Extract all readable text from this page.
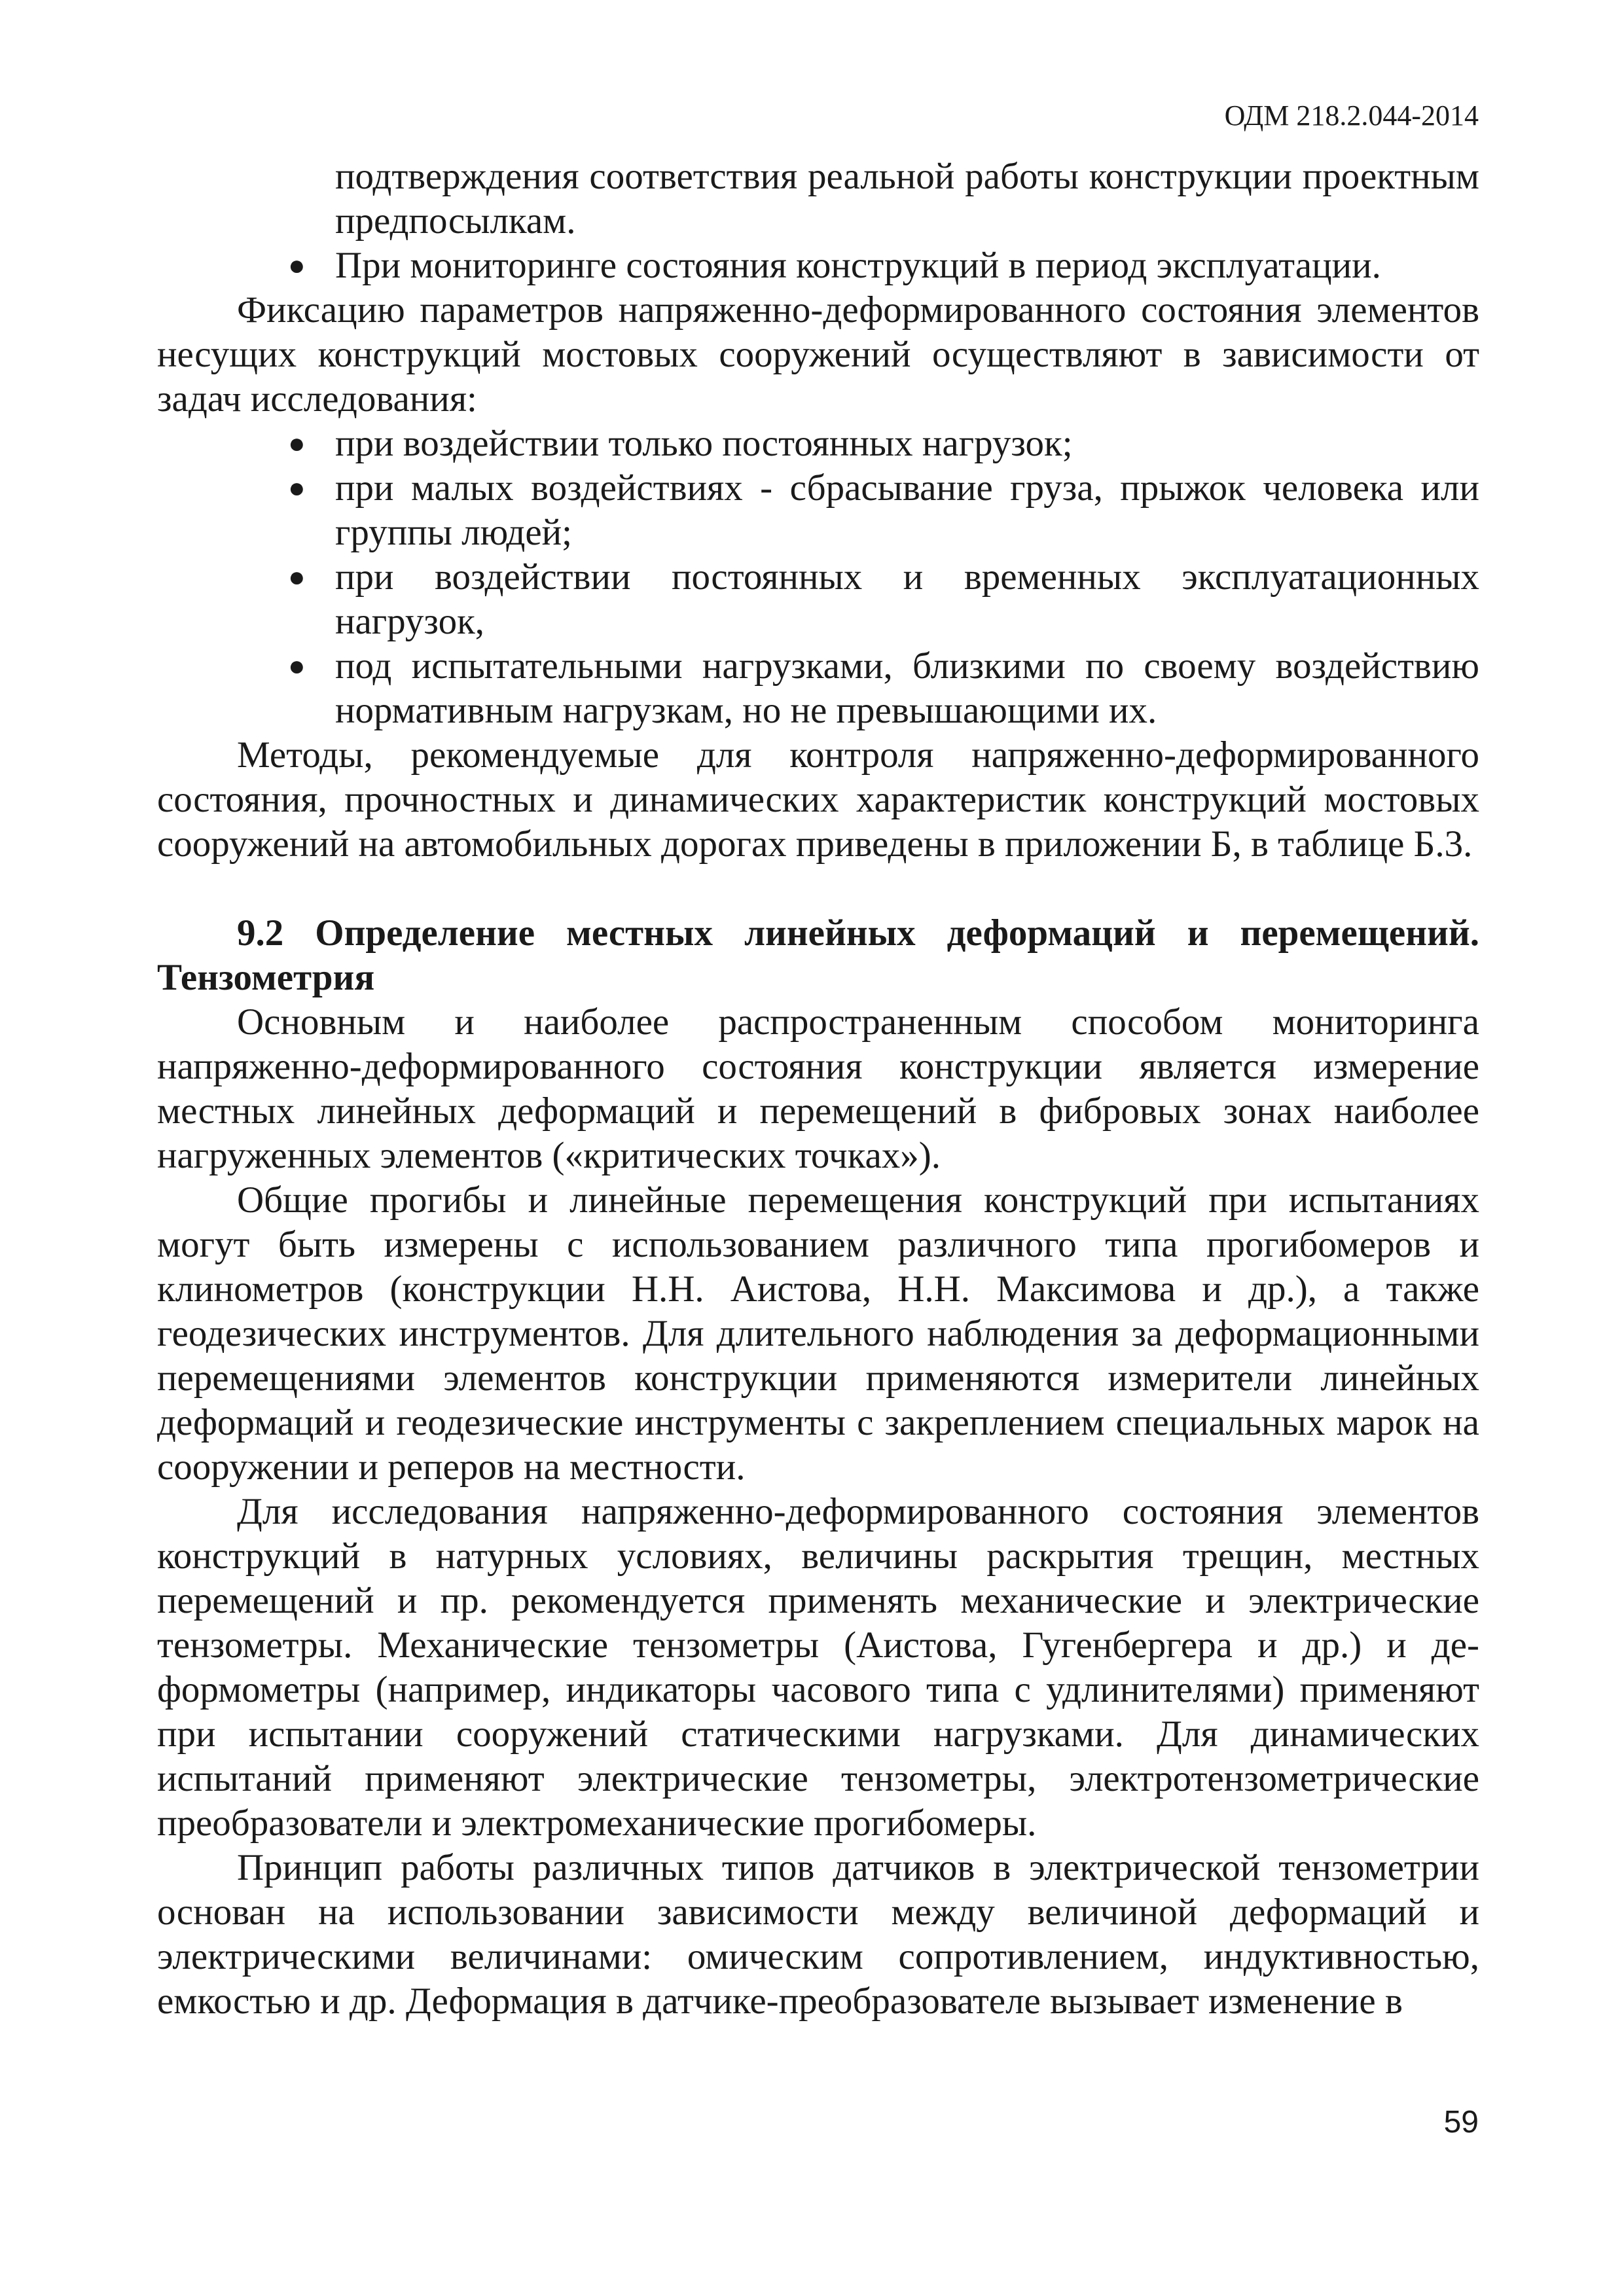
ОДМ 218.2.044-2014

подтверждения соответствия реальной работы конструкции проектным предпосылкам.

● При мониторинге состояния конструкций в период эксплуатации.

Фиксацию параметров напряженно-деформированного состояния элементов несущих конструкций мостовых сооружений осуществляют в зависимости от задач исследования:

● при воздействии только постоянных нагрузок;
● при малых воздействиях - сбрасывание груза, прыжок человека или группы людей;
● при воздействии постоянных и временных эксплуатационных нагрузок,
● под испытательными нагрузками, близкими по своему воздействию нормативным нагрузкам, но не превышающими их.

Методы, рекомендуемые для контроля напряженно-деформированного состояния, прочностных и динамических характеристик конструкций мостовых сооружений на автомобильных дорогах приведены в приложении Б, в таблице Б.3.

9.2 Определение местных линейных деформаций и перемещений. Тензометрия

Основным и наиболее распространенным способом мониторинга напряженно-деформированного состояния конструкции является измерение местных линейных деформаций и перемещений в фибровых зонах наиболее нагруженных элементов («критических точках»).

Общие прогибы и линейные перемещения конструкций при испытаниях могут быть измерены с использованием различного типа прогибомеров и клинометров (конструкции Н.Н. Аистова, Н.Н. Максимова и др.), а также геодезических инструментов. Для длительного наблюдения за деформационными перемещениями элементов конструкции применяются измерители линейных деформаций и геодезические инструменты с закреплением специальных марок на сооружении и реперов на местности.

Для исследования напряженно-деформированного состояния элементов конструкций в натурных условиях, величины раскрытия трещин, местных перемещений и пр. рекомендуется применять механические и электрические тензометры. Механические тензометры (Аистова, Гугенбергера и др.) и деформометры (например, индикаторы часового типа с удлинителями) применяют при испытании сооружений статическими нагрузками. Для динамических испытаний применяют электрические тензометры, электротензометрические преобразователи и электромеханические прогибомеры.

Принцип работы различных типов датчиков в электрической тензометрии основан на использовании зависимости между величиной деформаций и электрическими величинами: омическим сопротивлением, индуктивностью, емкостью и др. Деформация в датчике-преобразователе вызывает изменение в

59
